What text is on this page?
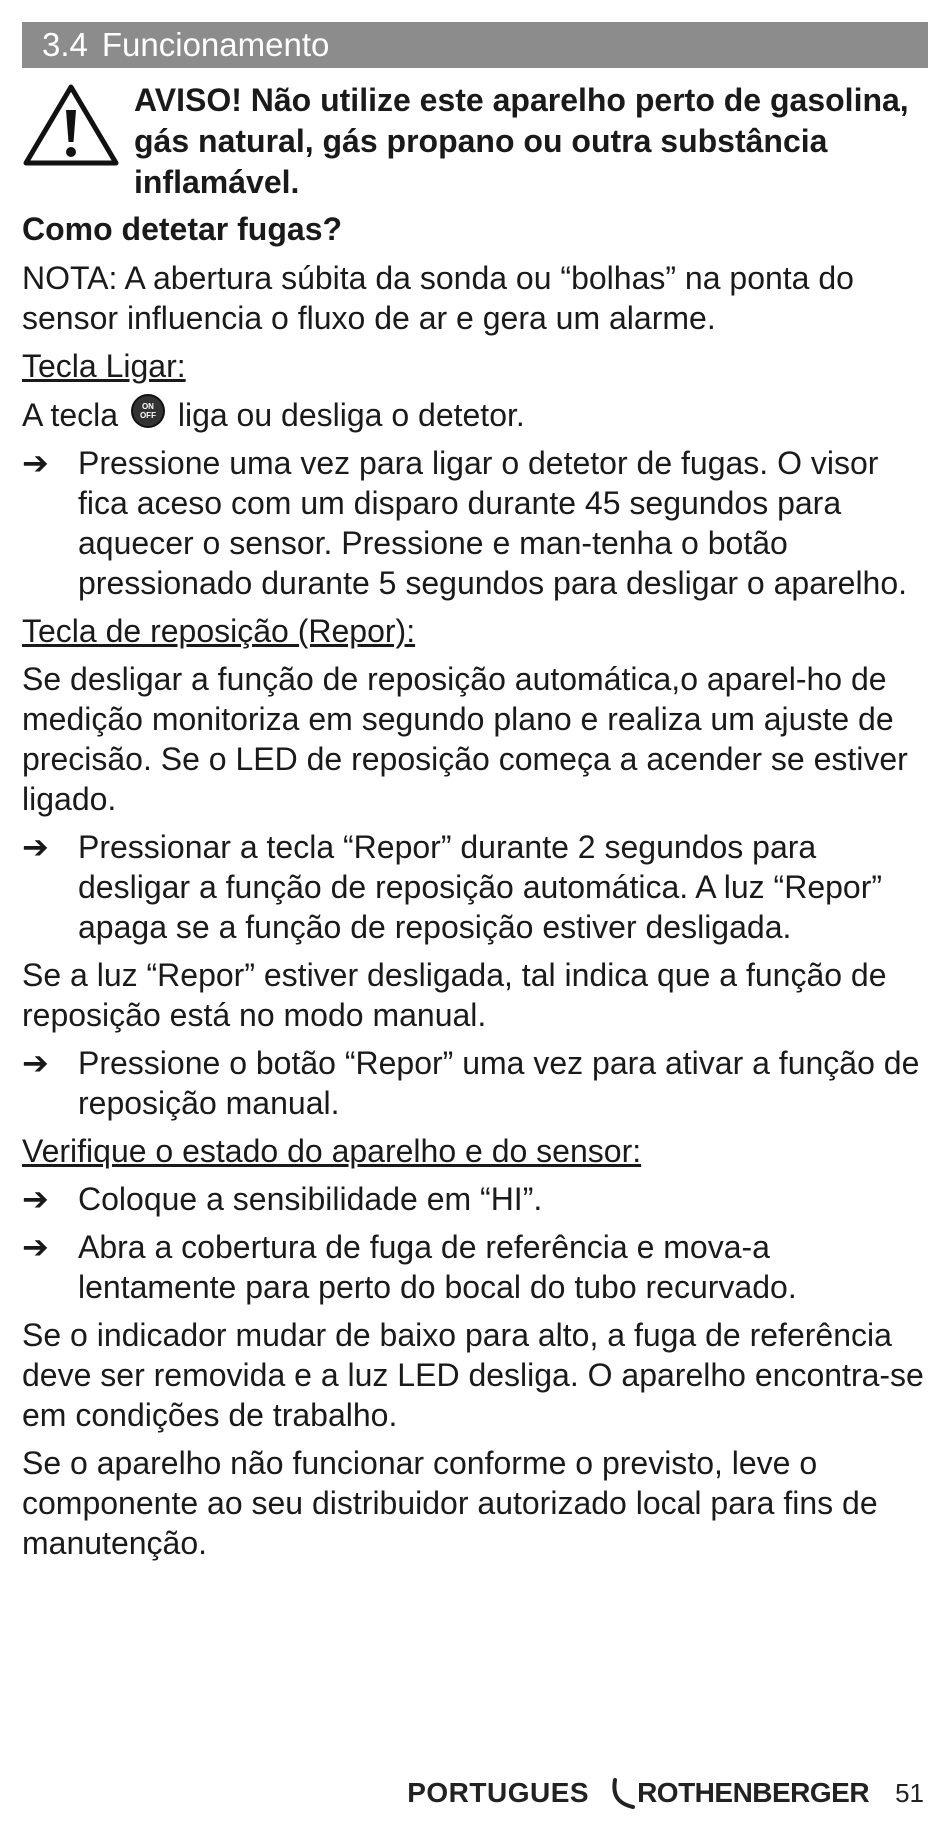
3.4 Funcionamento
AVISO! Não utilize este aparelho perto de gasolina, gás natural, gás propano ou outra substância inflamável.
Como detetar fugas?

NOTA: A abertura súbita da sonda ou “bolhas” na ponta do sensor influencia o fluxo de ar e gera um alarme.

Tecla Ligar:

A tecla	ON
OFF liga ou desliga o detetor.

➔ Pressione uma vez para ligar o detetor de fugas. O visor fica aceso com um disparo durante 45 segundos para aquecer o sensor. Pressione e man-tenha o botão pressionado durante 5 segundos para desligar o aparelho.
Tecla de reposição (Repor):

Se desligar a função de reposição automática,o aparel-ho de medição monitoriza em segundo plano e realiza um ajuste de precisão. Se o LED de reposição começa a acender se estiver ligado.

➔ Pressionar a tecla “Repor” durante 2 segundos para desligar a função de reposição automática. A luz “Repor” apaga se a função de reposição estiver desligada.

Se a luz “Repor” estiver desligada, tal indica que a função de reposição está no modo manual.

➔ Pressione o botão “Repor” uma vez para ativar a função de reposição manual.
Verifique o estado do aparelho e do sensor:
➔ Coloque a sensibilidade em “HI”.
➔ Abra a cobertura de fuga de referência e mova-a lentamente para perto do bocal do tubo recurvado.

Se o indicador mudar de baixo para alto, a fuga de referência deve ser removida e a luz LED desliga. O aparelho encontra-se em condições de trabalho.

Se o aparelho não funcionar conforme o previsto, leve o componente ao seu distribuidor autorizado local para fins de manutenção.

PORTUGUES ROTHENBERGER 51
